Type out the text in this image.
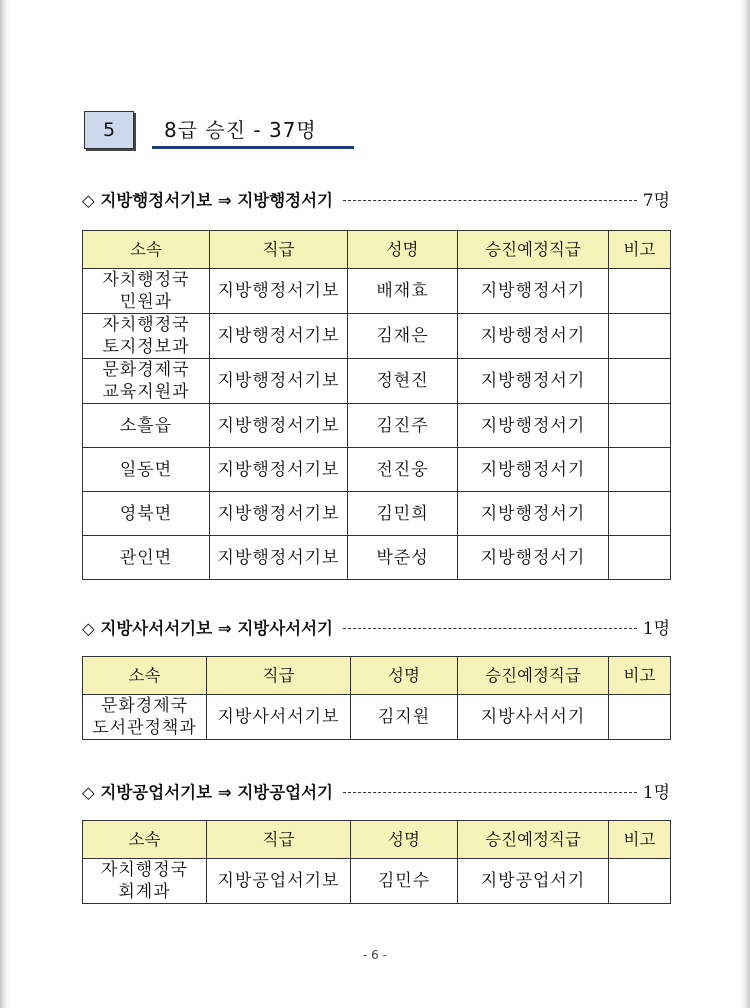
5	8급 승진 - 37명
◇ 지방행정서기보 ⇒ 지방행정서기	7명
소속	직급	성명	승진예정직급	비고
자치행정국
민원과	지방행정서기보	배재효	지방행정서기	
자치행정국
토지정보과	지방행정서기보	김재은	지방행정서기	
문화경제국
교육지원과	지방행정서기보	정현진	지방행정서기	
소흘읍	지방행정서기보	김진주	지방행정서기	
일동면	지방행정서기보	전진웅	지방행정서기	
영북면	지방행정서기보	김민희	지방행정서기	
관인면	지방행정서기보	박준성	지방행정서기	
◇ 지방사서서기보 ⇒ 지방사서서기	1명
소속	직급	성명	승진예정직급	비고
문화경제국
도서관정책과	지방사서서기보	김지원	지방사서서기	
◇ 지방공업서기보 ⇒ 지방공업서기	1명
소속	직급	성명	승진예정직급	비고
자치행정국
회계과	지방공업서기보	김민수	지방공업서기	
- 6 -
